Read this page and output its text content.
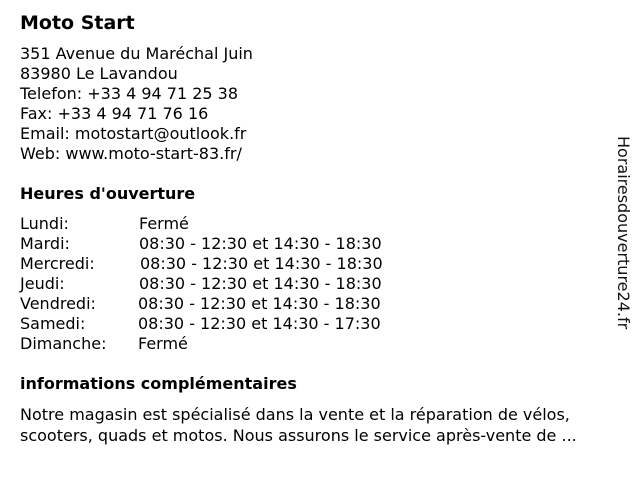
Moto Start
351 Avenue du Maréchal Juin
83980 Le Lavandou
Telefon: +33 4 94 71 25 38
Fax: +33 4 94 71 76 16
Email: motostart@outlook.fr
Web: www.moto-start-83.fr/
Heures d'ouverture
Lundi:	Fermé
Mardi:	08:30 - 12:30 et 14:30 - 18:30
Mercredi:	08:30 - 12:30 et 14:30 - 18:30
Jeudi:	08:30 - 12:30 et 14:30 - 18:30
Vendredi:	08:30 - 12:30 et 14:30 - 18:30
Samedi:	08:30 - 12:30 et 14:30 - 17:30
Dimanche: Fermé
informations complémentaires
Notre magasin est spécialisé dans la vente et la réparation de vélos,
scooters, quads et motos. Nous assurons le service après-vente de ...
Horairesdouverture24.fr
